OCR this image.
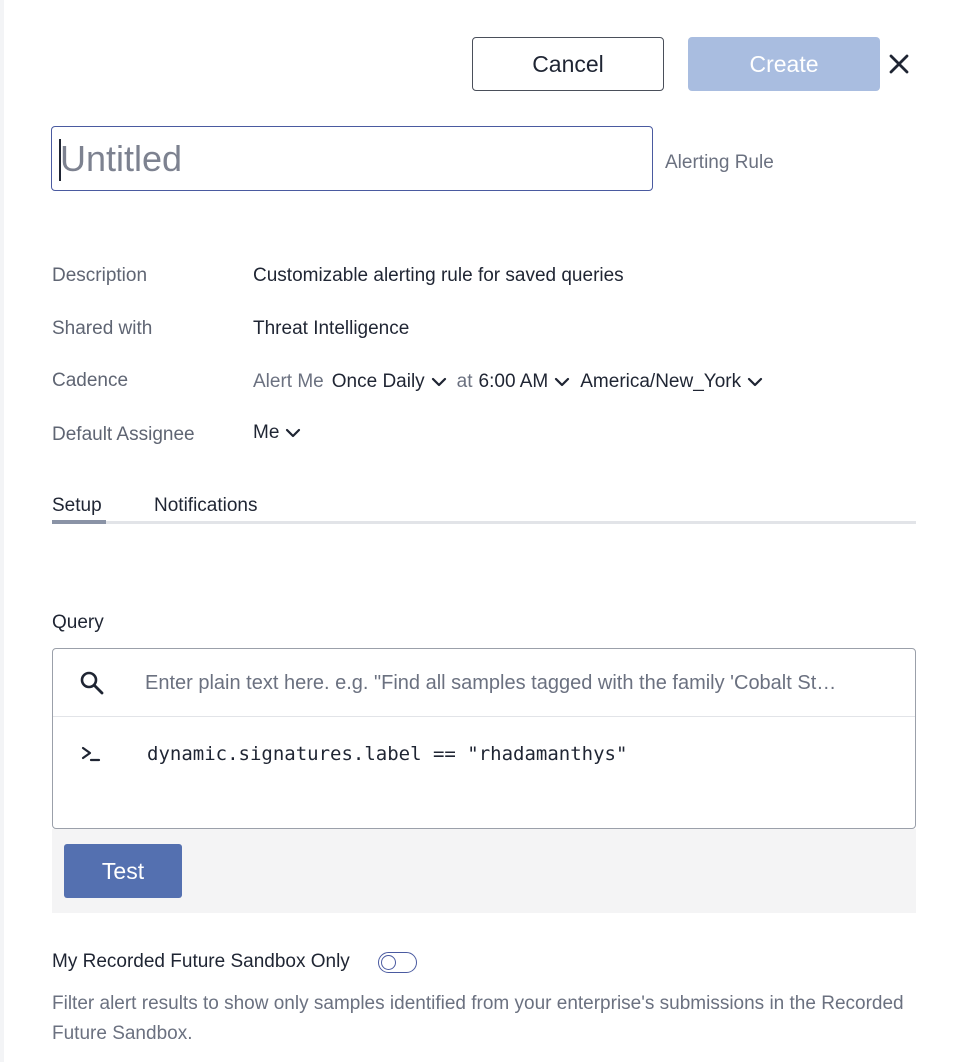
Cancel	Create
Untitled
Alerting Rule
Description	Customizable alerting rule for saved queries
Shared with	Threat Intelligence
Cadence	Alert Me Once Daily at 6:00 AM America/New_York
Default Assignee	Me
Setup	Notifications
Query
Enter plain text here. e.g. "Find all samples tagged with the family 'Cobalt St…
dynamic.signatures.label == "rhadamanthys"
Test
My Recorded Future Sandbox Only
Filter alert results to show only samples identified from your enterprise's submissions in the Recorded Future Sandbox.
